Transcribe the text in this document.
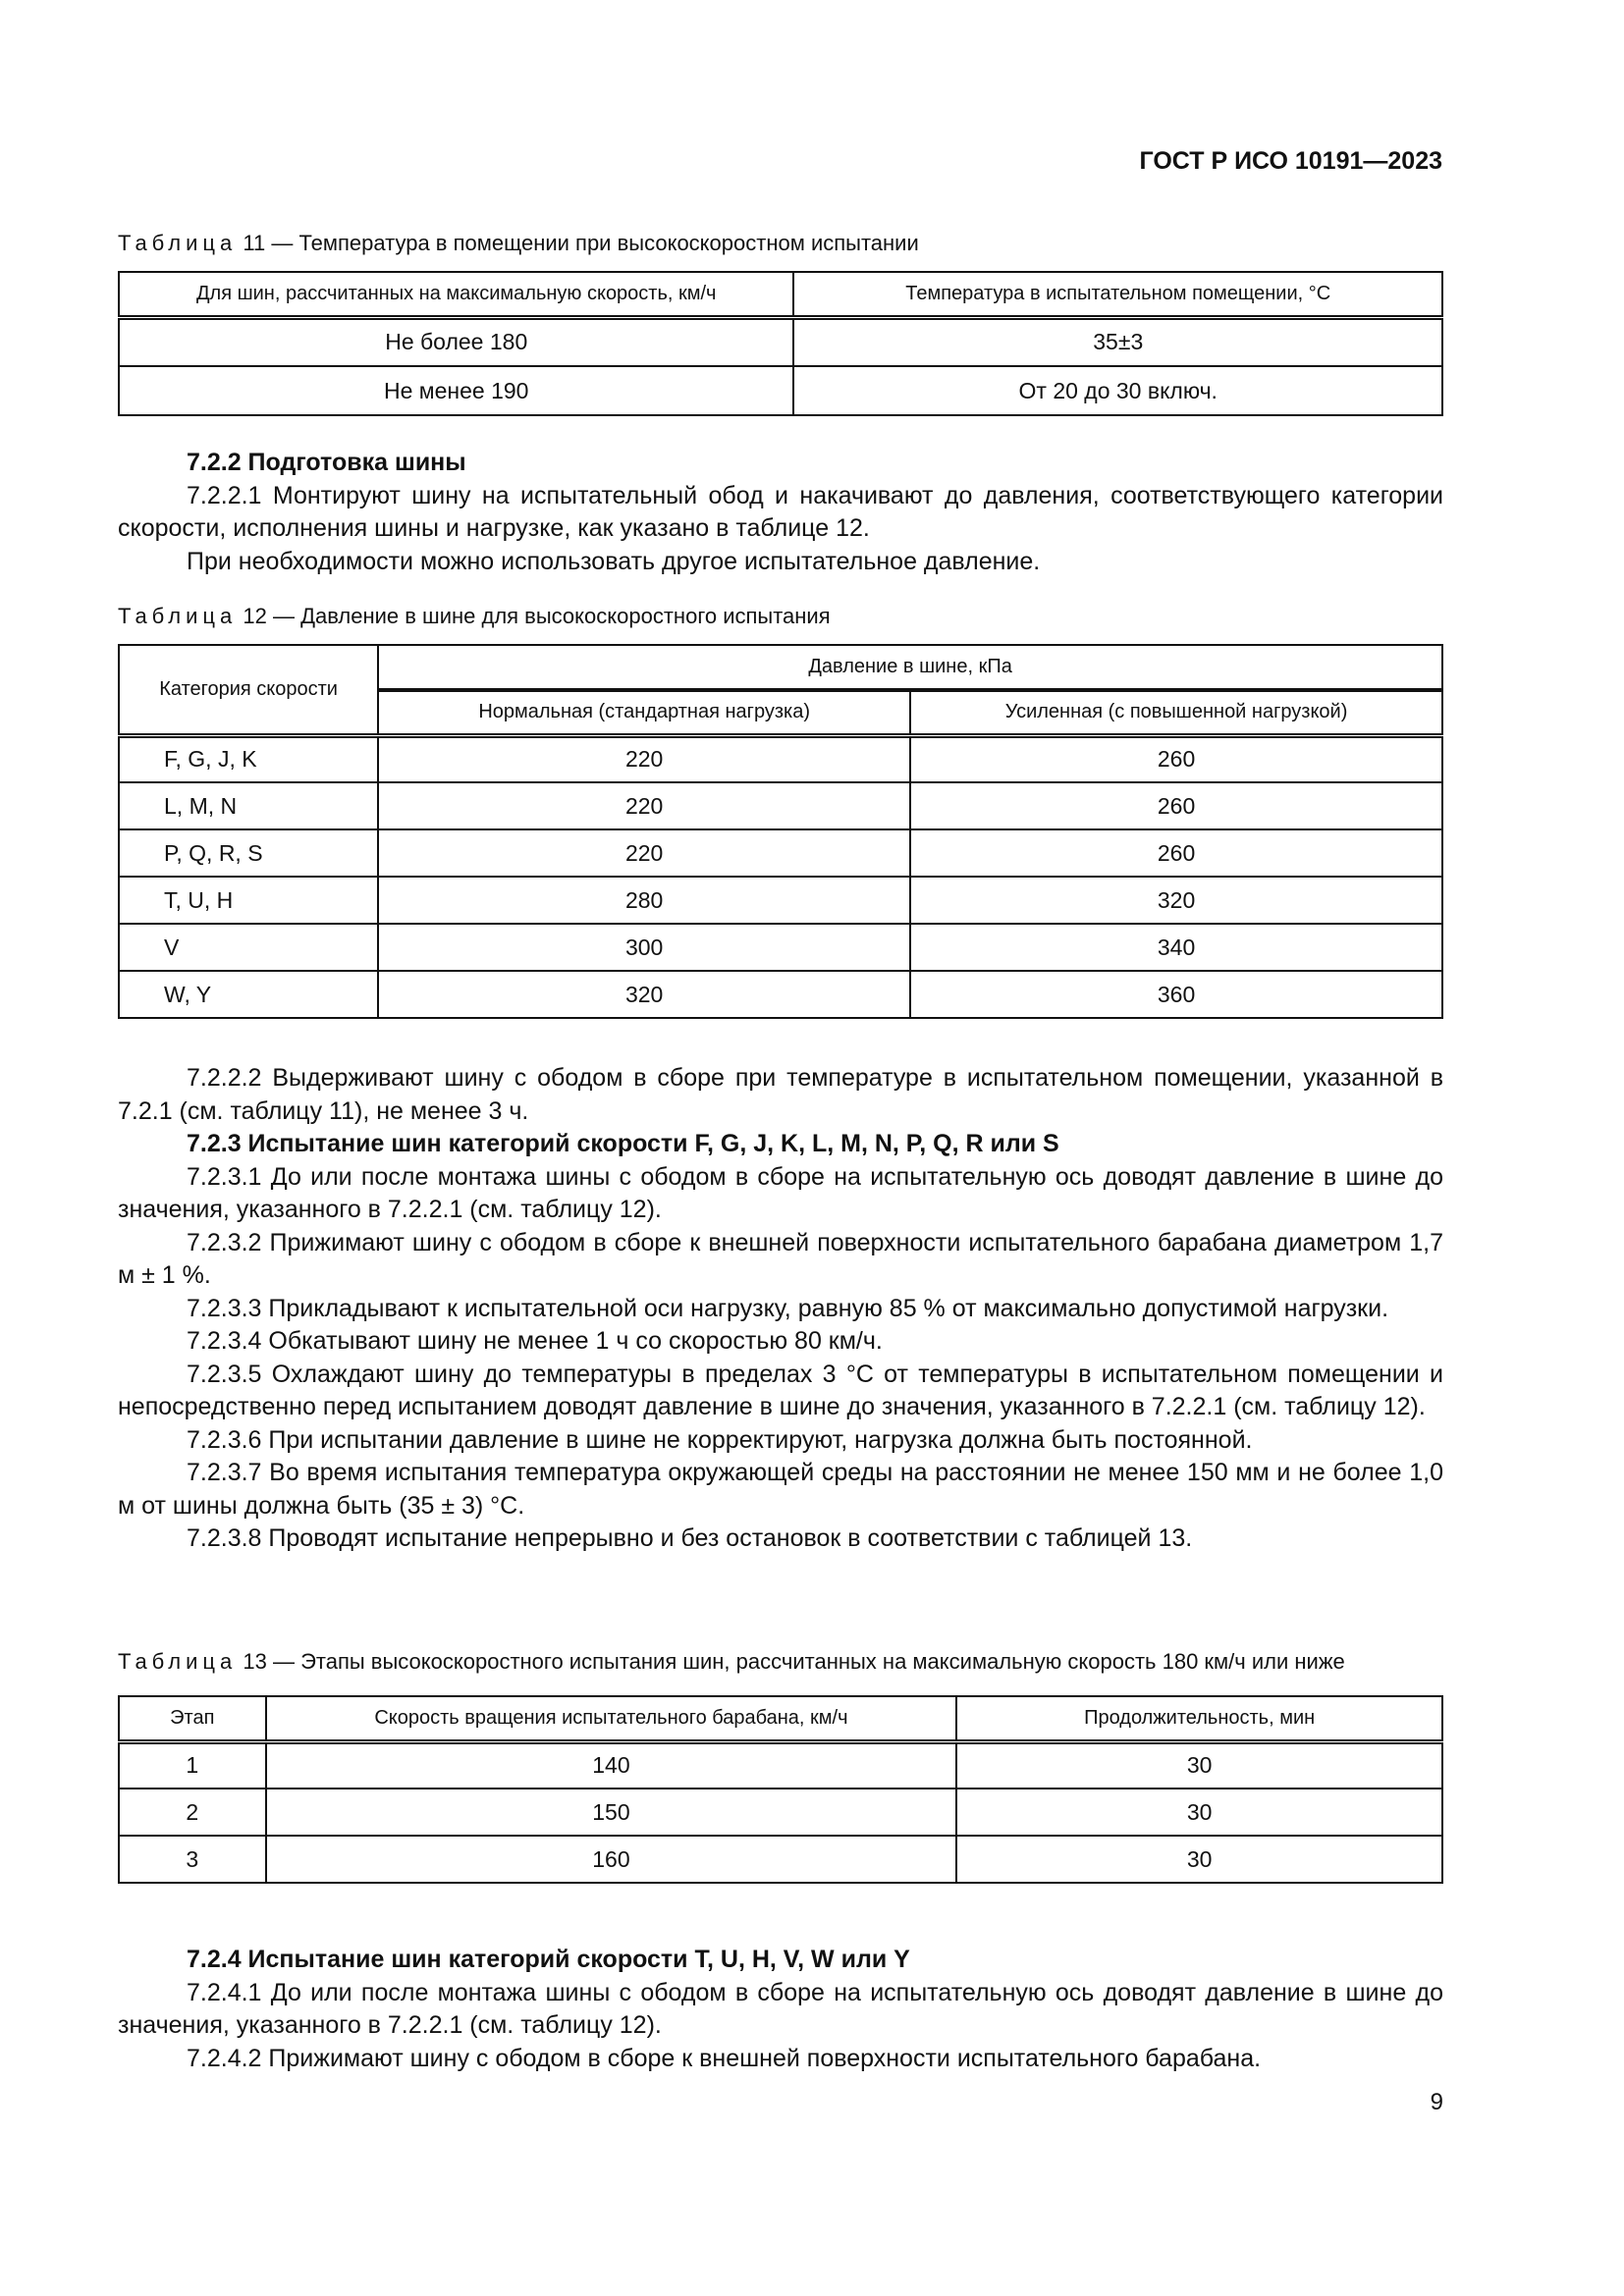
ГОСТ Р ИСО 10191—2023
Таблица 11 — Температура в помещении при высокоскоростном испытании
Для шин, рассчитанных на максимальную скорость, км/ч	Температура в испытательном помещении, °С
Не более 180	35±3
Не менее 190	От 20 до 30 включ.
7.2.2 Подготовка шины

7.2.2.1 Монтируют шину на испытательный обод и накачивают до давления, соответствующего категории скорости, исполнения шины и нагрузке, как указано в таблице 12.

При необходимости можно использовать другое испытательное давление.

Таблица 12 — Давление в шине для высокоскоростного испытания
Категория скорости	Давление в шине, кПа	
	Нормальная (стандартная нагрузка)	Усиленная (с повышенной нагрузкой)
F, G, J, K	220	260
L, M, N	220	260
P, Q, R, S	220	260
T, U, H	280	320
V	300	340
W, Y	320	360

7.2.2.2 Выдерживают шину с ободом в сборе при температуре в испытательном помещении, указанной в 7.2.1 (см. таблицу 11), не менее 3 ч.

7.2.3 Испытание шин категорий скорости F, G, J, K, L, M, N, P, Q, R или S

7.2.3.1 До или после монтажа шины с ободом в сборе на испытательную ось доводят давление в шине до значения, указанного в 7.2.2.1 (см. таблицу 12).

7.2.3.2 Прижимают шину с ободом в сборе к внешней поверхности испытательного барабана диаметром 1,7 м ± 1 %.

7.2.3.3 Прикладывают к испытательной оси нагрузку, равную 85 % от максимально допустимой нагрузки.

7.2.3.4 Обкатывают шину не менее 1 ч со скоростью 80 км/ч.

7.2.3.5 Охлаждают шину до температуры в пределах 3 °С от температуры в испытательном помещении и непосредственно перед испытанием доводят давление в шине до значения, указанного в 7.2.2.1 (см. таблицу 12).

7.2.3.6 При испытании давление в шине не корректируют, нагрузка должна быть постоянной.

7.2.3.7 Во время испытания температура окружающей среды на расстоянии не менее 150 мм и не более 1,0 м от шины должна быть (35 ± 3) °С.

7.2.3.8 Проводят испытание непрерывно и без остановок в соответствии с таблицей 13.

Таблица 13 — Этапы высокоскоростного испытания шин, рассчитанных на максимальную скорость 180 км/ч или ниже
Этап	Скорость вращения испытательного барабана, км/ч	Продолжительность, мин
1	140	30
2	150	30
3	160	30
7.2.4 Испытание шин категорий скорости T, U, H, V, W или Y

7.2.4.1 До или после монтажа шины с ободом в сборе на испытательную ось доводят давление в шине до значения, указанного в 7.2.2.1 (см. таблицу 12).

7.2.4.2 Прижимают шину с ободом в сборе к внешней поверхности испытательного барабана.

9
